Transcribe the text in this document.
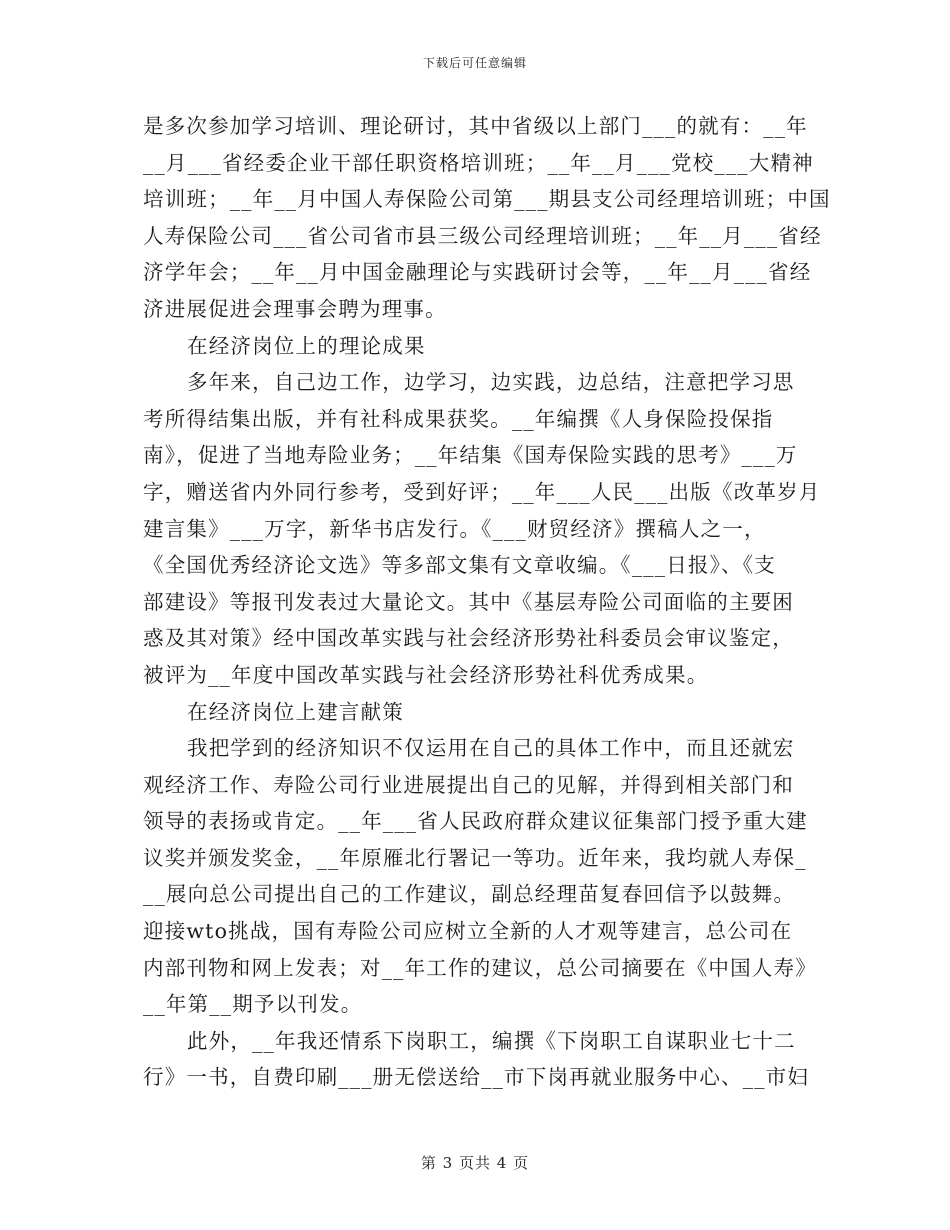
下载后可任意编辑
是多次参加学习培训、理论研讨，其中省级以上部门___的就有：__年
__月___省经委企业干部任职资格培训班；__年__月___党校___大精神
培训班；__年__月中国人寿保险公司第___期县支公司经理培训班；中国
人寿保险公司___省公司省市县三级公司经理培训班；__年__月___省经
济学年会；__年__月中国金融理论与实践研讨会等，__年__月___省经
济进展促进会理事会聘为理事。
在经济岗位上的理论成果
多年来，自己边工作，边学习，边实践，边总结，注意把学习思
考所得结集出版，并有社科成果获奖。__年编撰《人身保险投保指
南》，促进了当地寿险业务；__年结集《国寿保险实践的思考》___万
字，赠送省内外同行参考，受到好评；__年___人民___出版《改革岁月
建言集》___万字，新华书店发行。《___财贸经济》撰稿人之一，
《全国优秀经济论文选》等多部文集有文章收编。《___日报》、《支
部建设》等报刊发表过大量论文。其中《基层寿险公司面临的主要困
惑及其对策》经中国改革实践与社会经济形势社科委员会审议鉴定，
被评为__年度中国改革实践与社会经济形势社科优秀成果。
在经济岗位上建言献策
我把学到的经济知识不仅运用在自己的具体工作中，而且还就宏
观经济工作、寿险公司行业进展提出自己的见解，并得到相关部门和
领导的表扬或肯定。__年___省人民政府群众建议征集部门授予重大建
议奖并颁发奖金，__年原雁北行署记一等功。近年来，我均就人寿保_
__展向总公司提出自己的工作建议，副总经理苗复春回信予以鼓舞。
迎接wto挑战，国有寿险公司应树立全新的人才观等建言，总公司在
内部刊物和网上发表；对__年工作的建议，总公司摘要在《中国人寿》
__年第__期予以刊发。
此外，__年我还情系下岗职工，编撰《下岗职工自谋职业七十二
行》一书，自费印刷___册无偿送给__市下岗再就业服务中心、__市妇
第 3 页共 4 页
